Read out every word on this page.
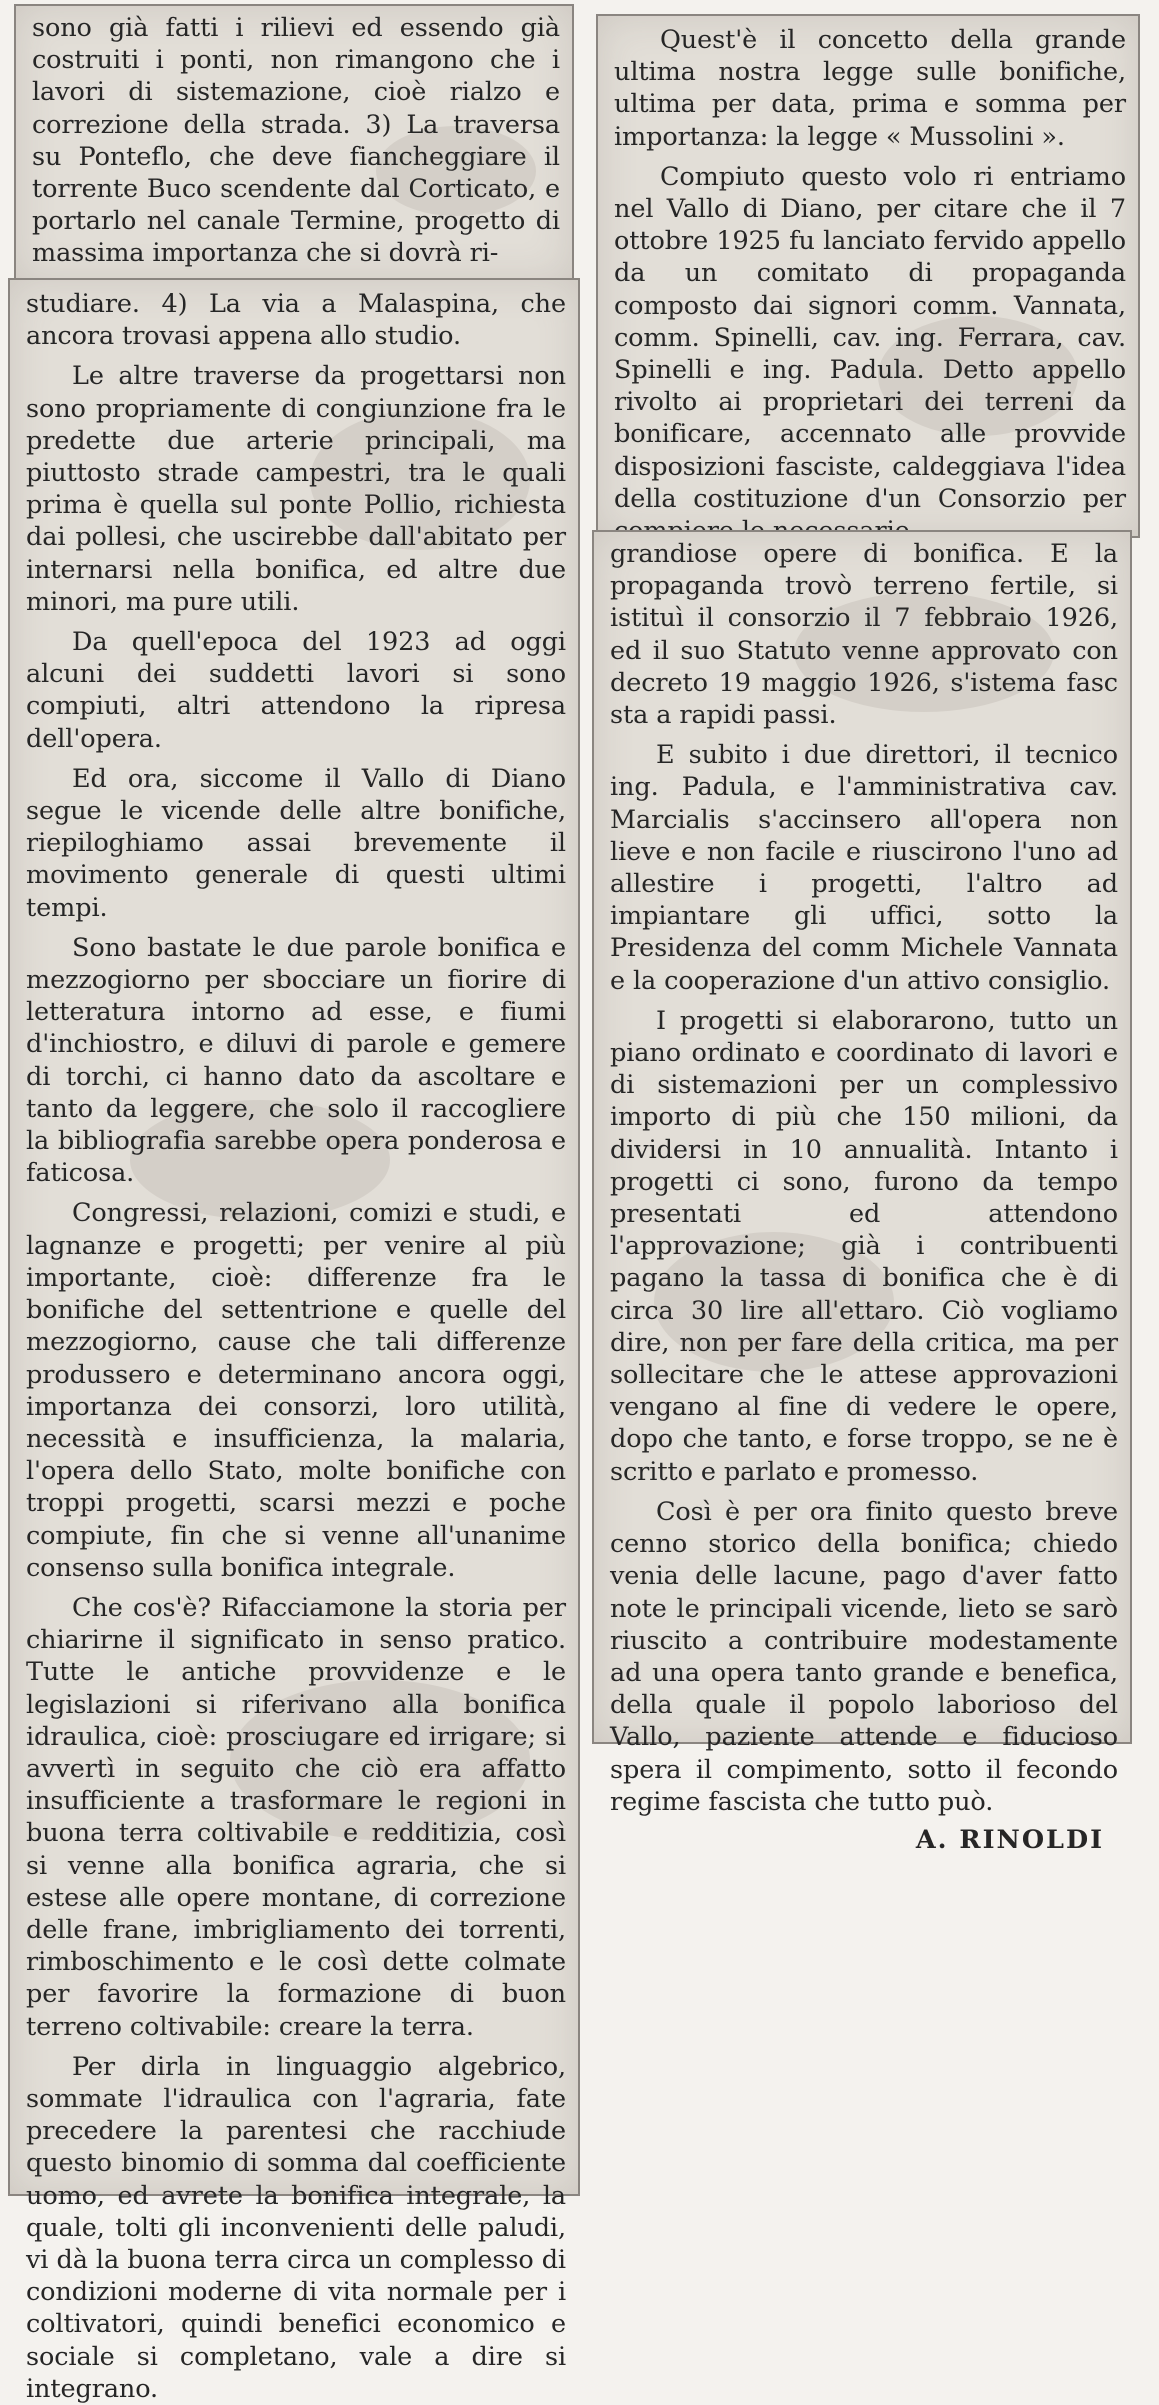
sono già fatti i rilievi ed essendo già costruiti i ponti, non rimangono che i lavori di sistemazione, cioè rialzo e correzione della strada. 3) La traversa su Ponteflo, che deve fiancheggiare il torrente Buco scendente dal Corticato, e portarlo nel canale Termine, progetto di massima importanza che si dovrà ri-

studiare. 4) La via a Malaspina, che ancora trovasi appena allo studio.

Le altre traverse da progettarsi non sono propriamente di congiunzione fra le predette due arterie principali, ma piuttosto strade campestri, tra le quali prima è quella sul ponte Pollio, richiesta dai pollesi, che uscirebbe dall'abitato per internarsi nella bonifica, ed altre due minori, ma pure utili.

Da quell'epoca del 1923 ad oggi alcuni dei suddetti lavori si sono compiuti, altri attendono la ripresa dell'opera.

Ed ora, siccome il Vallo di Diano segue le vicende delle altre bonifiche, riepiloghiamo assai brevemente il movimento generale di questi ultimi tempi.

Sono bastate le due parole bonifica e mezzogiorno per sbocciare un fiorire di letteratura intorno ad esse, e fiumi d'inchiostro, e diluvi di parole e gemere di torchi, ci hanno dato da ascoltare e tanto da leggere, che solo il raccogliere la bibliografia sarebbe opera ponderosa e faticosa.

Congressi, relazioni, comizi e studi, e lagnanze e progetti; per venire al più importante, cioè: differenze fra le bonifiche del settentrione e quelle del mezzogiorno, cause che tali differenze produssero e determinano ancora oggi, importanza dei consorzi, loro utilità, necessità e insufficienza, la malaria, l'opera dello Stato, molte bonifiche con troppi progetti, scarsi mezzi e poche compiute, fin che si venne all'unanime consenso sulla bonifica integrale.

Che cos'è? Rifacciamone la storia per chiarirne il significato in senso pratico. Tutte le antiche provvidenze e le legislazioni si riferivano alla bonifica idraulica, cioè: prosciugare ed irrigare; si avvertì in seguito che ciò era affatto insufficiente a trasformare le regioni in buona terra coltivabile e redditizia, così si venne alla bonifica agraria, che si estese alle opere montane, di correzione delle frane, imbrigliamento dei torrenti, rimboschimento e le così dette colmate per favorire la formazione di buon terreno coltivabile: creare la terra.

Per dirla in linguaggio algebrico, sommate l'idraulica con l'agraria, fate precedere la parentesi che racchiude questo binomio di somma dal coefficiente uomo, ed avrete la bonifica integrale, la quale, tolti gli inconvenienti delle paludi, vi dà la buona terra circa un complesso di condizioni moderne di vita normale per i coltivatori, quindi benefici economico e sociale si completano, vale a dire si integrano.

Quest'è il concetto della grande ultima nostra legge sulle bonifiche, ultima per data, prima e somma per importanza: la legge « Mussolini ».

Compiuto questo volo ri entriamo nel Vallo di Diano, per citare che il 7 ottobre 1925 fu lanciato fervido appello da un comitato di propaganda composto dai signori comm. Vannata, comm. Spinelli, cav. ing. Ferrara, cav. Spinelli e ing. Padula. Detto appello rivolto ai proprietari dei terreni da bonificare, accennato alle provvide disposizioni fasciste, caldeggiava l'idea della costituzione d'un Consorzio per

grandiose opere di bonifica. E la propaganda trovò terreno fertile, si istituì il consorzio il 7 febbraio 1926, ed il suo Statuto venne approvato con decreto 19 maggio 1926, s'istema fasc sta a rapidi passi.

E subito i due direttori, il tecnico ing. Padula, e l'amministrativa cav. Marcialis s'accinsero all'opera non lieve e non facile e riuscirono l'uno ad allestire i progetti, l'altro ad impiantare gli uffici, sotto la Presidenza del comm Michele Vannata e la cooperazione d'un attivo consiglio.

I progetti si elaborarono, tutto un piano ordinato e coordinato di lavori e di sistemazioni per un complessivo importo di più che 150 milioni, da dividersi in 10 annualità. Intanto i progetti ci sono, furono da tempo presentati ed attendono l'approvazione; già i contribuenti pagano la tassa di bonifica che è di circa 30 lire all'ettaro. Ciò vogliamo dire, non per fare della critica, ma per sollecitare che le attese approvazioni vengano al fine di vedere le opere, dopo che tanto, e forse troppo, se ne è scritto e parlato e promesso.

Così è per ora finito questo breve cenno storico della bonifica; chiedo venia delle lacune, pago d'aver fatto note le principali vicende, lieto se sarò riuscito a contribuire modestamente ad una opera tanto grande e benefica, della quale il popolo laborioso del Vallo, paziente attende e fiducioso spera il compimento, sotto il fecondo regime fascista che tutto può.

A. RINOLDI
